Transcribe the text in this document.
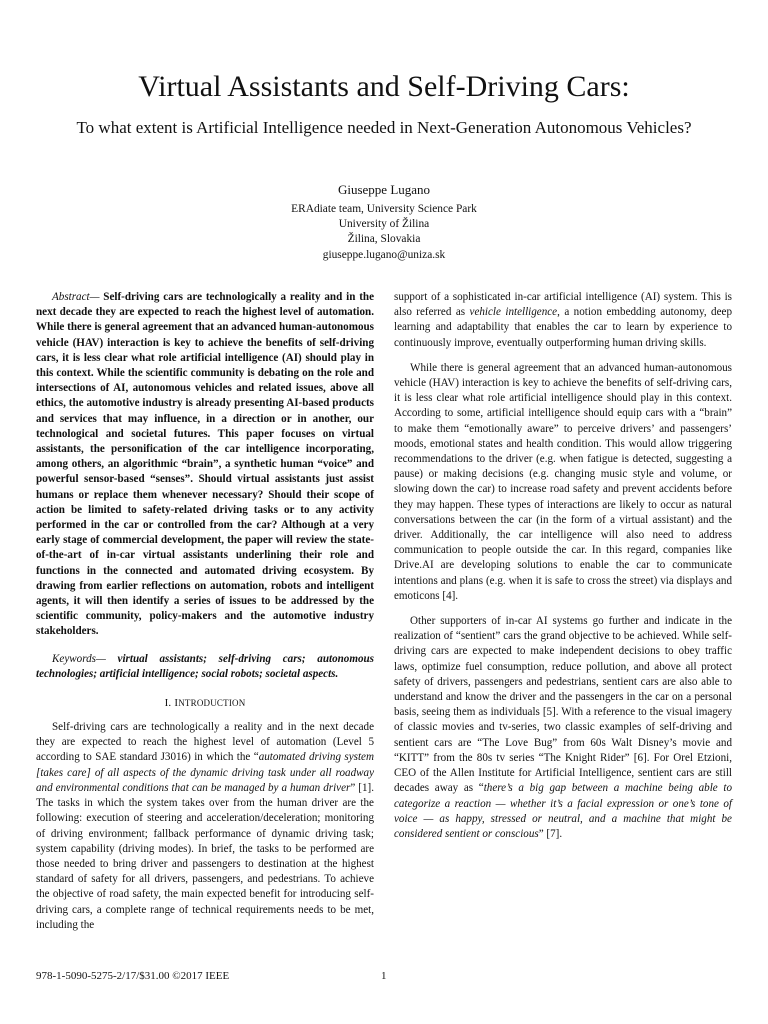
Virtual Assistants and Self-Driving Cars:
To what extent is Artificial Intelligence needed in Next-Generation Autonomous Vehicles?
Giuseppe Lugano
ERAdiate team, University Science Park
University of Žilina
Žilina, Slovakia
giuseppe.lugano@uniza.sk

Abstract— Self-driving cars are technologically a reality and in the next decade they are expected to reach the highest level of automation. While there is general agreement that an advanced human-autonomous vehicle (HAV) interaction is key to achieve the benefits of self-driving cars, it is less clear what role artificial intelligence (AI) should play in this context. While the scientific community is debating on the role and intersections of AI, autonomous vehicles and related issues, above all ethics, the automotive industry is already presenting AI-based products and services that may influence, in a direction or in another, our technological and societal futures. This paper focuses on virtual assistants, the personification of the car intelligence incorporating, among others, an algorithmic “brain”, a synthetic human “voice” and powerful sensor-based “senses”. Should virtual assistants just assist humans or replace them whenever necessary? Should their scope of action be limited to safety-related driving tasks or to any activity performed in the car or controlled from the car? Although at a very early stage of commercial development, the paper will review the state-of-the-art of in-car virtual assistants underlining their role and functions in the connected and automated driving ecosystem. By drawing from earlier reflections on automation, robots and intelligent agents, it will then identify a series of issues to be addressed by the scientific community, policy-makers and the automotive industry stakeholders.

Keywords— virtual assistants; self-driving cars; autonomous technologies; artificial intelligence; social robots; societal aspects.

I. INTRODUCTION

Self-driving cars are technologically a reality and in the next decade they are expected to reach the highest level of automation (Level 5 according to SAE standard J3016) in which the “automated driving system [takes care] of all aspects of the dynamic driving task under all roadway and environmental conditions that can be managed by a human driver” [1]. The tasks in which the system takes over from the human driver are the following: execution of steering and acceleration/deceleration; monitoring of driving environment; fallback performance of dynamic driving task; system capability (driving modes). In brief, the tasks to be performed are those needed to bring driver and passengers to destination at the highest standard of safety for all drivers, passengers, and pedestrians. To achieve the objective of road safety, the main expected benefit for introducing self-driving cars, a complete range of technical requirements needs to be met, including the

support of a sophisticated in-car artificial intelligence (AI) system. This is also referred as vehicle intelligence, a notion embedding autonomy, deep learning and adaptability that enables the car to learn by experience to continuously improve, eventually outperforming human driving skills.

While there is general agreement that an advanced human-autonomous vehicle (HAV) interaction is key to achieve the benefits of self-driving cars, it is less clear what role artificial intelligence should play in this context. According to some, artificial intelligence should equip cars with a “brain” to make them “emotionally aware” to perceive drivers’ and passengers’ moods, emotional states and health condition. This would allow triggering recommendations to the driver (e.g. when fatigue is detected, suggesting a pause) or making decisions (e.g. changing music style and volume, or slowing down the car) to increase road safety and prevent accidents before they may happen. These types of interactions are likely to occur as natural conversations between the car (in the form of a virtual assistant) and the driver. Additionally, the car intelligence will also need to address communication to people outside the car. In this regard, companies like Drive.AI are developing solutions to enable the car to communicate intentions and plans (e.g. when it is safe to cross the street) via displays and emoticons [4].

Other supporters of in-car AI systems go further and indicate in the realization of “sentient” cars the grand objective to be achieved. While self-driving cars are expected to make independent decisions to obey traffic laws, optimize fuel consumption, reduce pollution, and above all protect safety of drivers, passengers and pedestrians, sentient cars are also able to understand and know the driver and the passengers in the car on a personal basis, seeing them as individuals [5]. With a reference to the visual imagery of classic movies and tv-series, two classic examples of self-driving and sentient cars are “The Love Bug” from 60s Walt Disney’s movie and “KITT” from the 80s tv series “The Knight Rider” [6]. For Orel Etzioni, CEO of the Allen Institute for Artificial Intelligence, sentient cars are still decades away as “there’s a big gap between a machine being able to categorize a reaction — whether it’s a facial expression or one’s tone of voice — as happy, stressed or neutral, and a machine that might be considered sentient or conscious” [7].

978-1-5090-5275-2/17/$31.00 ©2017 IEEE	1
